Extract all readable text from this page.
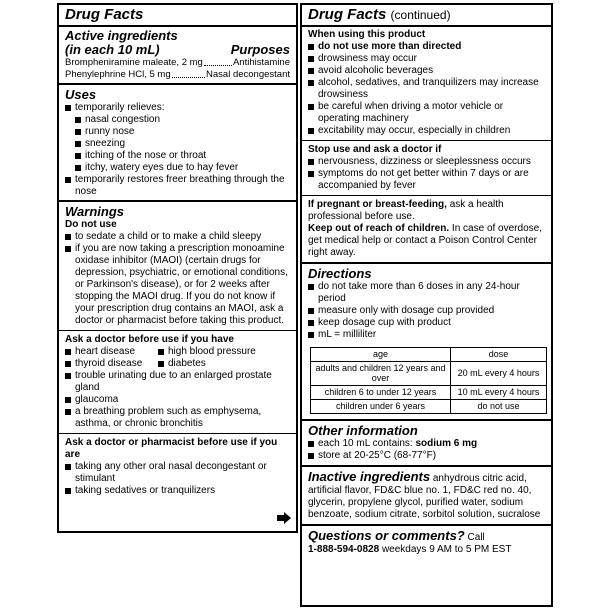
Drug Facts
Active ingredients
(in each 10 mL)	Purposes
Brompheniramine maleate, 2 mg	Antihistamine
Phenylephrine HCl, 5 mg	Nasal decongestant
Uses
temporarily relieves:
nasal congestion
runny nose
sneezing
itching of the nose or throat
itchy, watery eyes due to hay fever
temporarily restores freer breathing through the nose
Warnings
Do not use
to sedate a child or to make a child sleepy
if you are now taking a prescription monoamine oxidase inhibitor (MAOI) (certain drugs for depression, psychiatric, or emotional conditions, or Parkinson's disease), or for 2 weeks after stopping the MAOI drug. If you do not know if your prescription drug contains an MAOI, ask a doctor or pharmacist before taking this product.
Ask a doctor before use if you have
heart disease	high blood pressure
thyroid disease	diabetes
trouble urinating due to an enlarged prostate gland
glaucoma
a breathing problem such as emphysema, asthma, or chronic bronchitis
Ask a doctor or pharmacist before use if you are
taking any other oral nasal decongestant or stimulant
taking sedatives or tranquilizers
Drug Facts (continued)
When using this product
do not use more than directed
drowsiness may occur
avoid alcoholic beverages
alcohol, sedatives, and tranquilizers may increase drowsiness
be careful when driving a motor vehicle or operating machinery
excitability may occur, especially in children
Stop use and ask a doctor if
nervousness, dizziness or sleeplessness occurs
symptoms do not get better within 7 days or are accompanied by fever
If pregnant or breast-feeding, ask a health professional before use.
Keep out of reach of children. In case of overdose, get medical help or contact a Poison Control Center right away.
Directions
do not take more than 6 doses in any 24-hour period
measure only with dosage cup provided
keep dosage cup with product
mL = milliliter
age	dose
adults and children 12 years and over	20 mL every 4 hours
children 6 to under 12 years	10 mL every 4 hours
children under 6 years	do not use
Other information
each 10 mL contains: sodium 6 mg
store at 20-25°C (68-77°F)
Inactive ingredients anhydrous citric acid, artificial flavor, FD&C blue no. 1, FD&C red no. 40, glycerin, propylene glycol, purified water, sodium benzoate, sodium citrate, sorbitol solution, sucralose
Questions or comments? Call
1-888-594-0828 weekdays 9 AM to 5 PM EST
